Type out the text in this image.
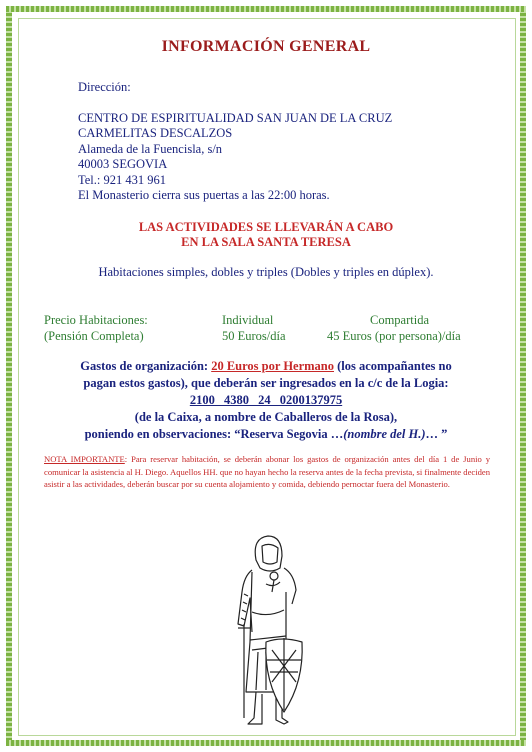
INFORMACIÓN GENERAL
Dirección:
CENTRO DE ESPIRITUALIDAD SAN JUAN DE LA CRUZ
CARMELITAS DESCALZOS
Alameda de la Fuencisla, s/n
40003 SEGOVIA
Tel.: 921 431 961
El Monasterio cierra sus puertas a las 22:00 horas.
LAS ACTIVIDADES SE LLEVARÁN A CABO
EN LA SALA SANTA TERESA
Habitaciones simples, dobles y triples (Dobles y triples en dúplex).
Precio Habitaciones:
(Pensión Completa)
Individual
50 Euros/día
Compartida
45 Euros (por persona)/día
Gastos de organización: 20 Euros por Hermano (los acompañantes no
pagan estos gastos), que deberán ser ingresados en la c/c de la Logia:
2100 4380 24 0200137975
(de la Caixa, a nombre de Caballeros de la Rosa),
poniendo en observaciones: “Reserva Segovia …(nombre del H.)… ”
NOTA IMPORTANTE: Para reservar habitación, se deberán abonar los gastos de organización antes del día 1 de Junio y comunicar la asistencia al H. Diego. Aquellos HH. que no hayan hecho la reserva antes de la fecha prevista, si finalmente deciden asistir a las actividades, deberán buscar por su cuenta alojamiento y comida, debiendo pernoctar fuera del Monasterio.
